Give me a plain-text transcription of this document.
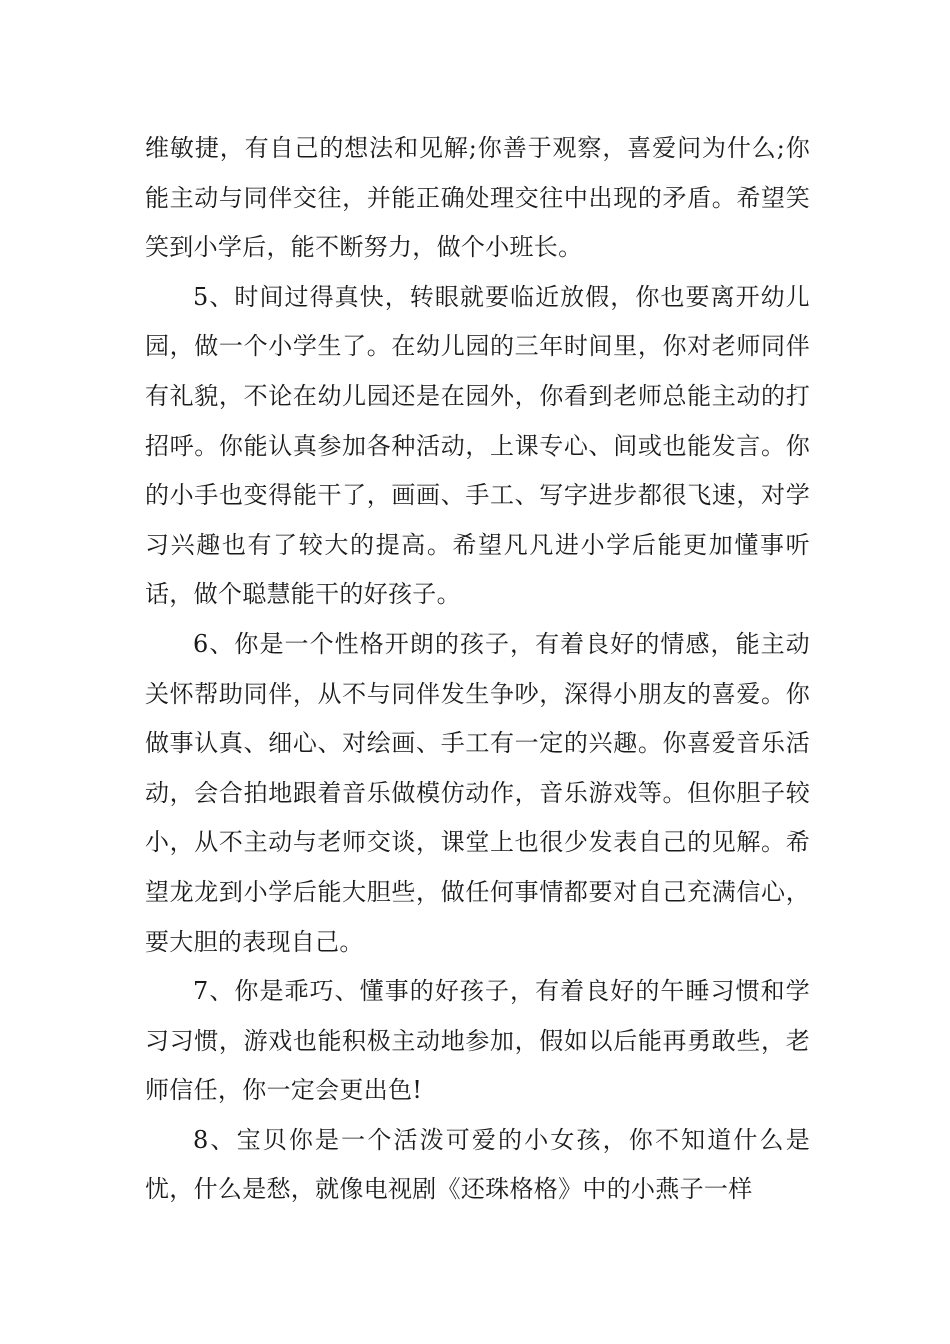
维敏捷，有自己的想法和见解;你善于观察，喜爱问为什么;你能主动与同伴交往，并能正确处理交往中出现的矛盾。希望笑笑到小学后，能不断努力，做个小班长。

5、时间过得真快，转眼就要临近放假，你也要离开幼儿园，做一个小学生了。在幼儿园的三年时间里，你对老师同伴有礼貌，不论在幼儿园还是在园外，你看到老师总能主动的打招呼。你能认真参加各种活动，上课专心、间或也能发言。你的小手也变得能干了，画画、手工、写字进步都很飞速，对学习兴趣也有了较大的提高。希望凡凡进小学后能更加懂事听话，做个聪慧能干的好孩子。

6、你是一个性格开朗的孩子，有着良好的情感，能主动关怀帮助同伴，从不与同伴发生争吵，深得小朋友的喜爱。你做事认真、细心、对绘画、手工有一定的兴趣。你喜爱音乐活动，会合拍地跟着音乐做模仿动作，音乐游戏等。但你胆子较小，从不主动与老师交谈，课堂上也很少发表自己的见解。希望龙龙到小学后能大胆些，做任何事情都要对自己充满信心，要大胆的表现自己。

7、你是乖巧、懂事的好孩子，有着良好的午睡习惯和学习习惯，游戏也能积极主动地参加，假如以后能再勇敢些，老师信任，你一定会更出色!

8、宝贝你是一个活泼可爱的小女孩，你不知道什么是忧，什么是愁，就像电视剧《还珠格格》中的小燕子一样
